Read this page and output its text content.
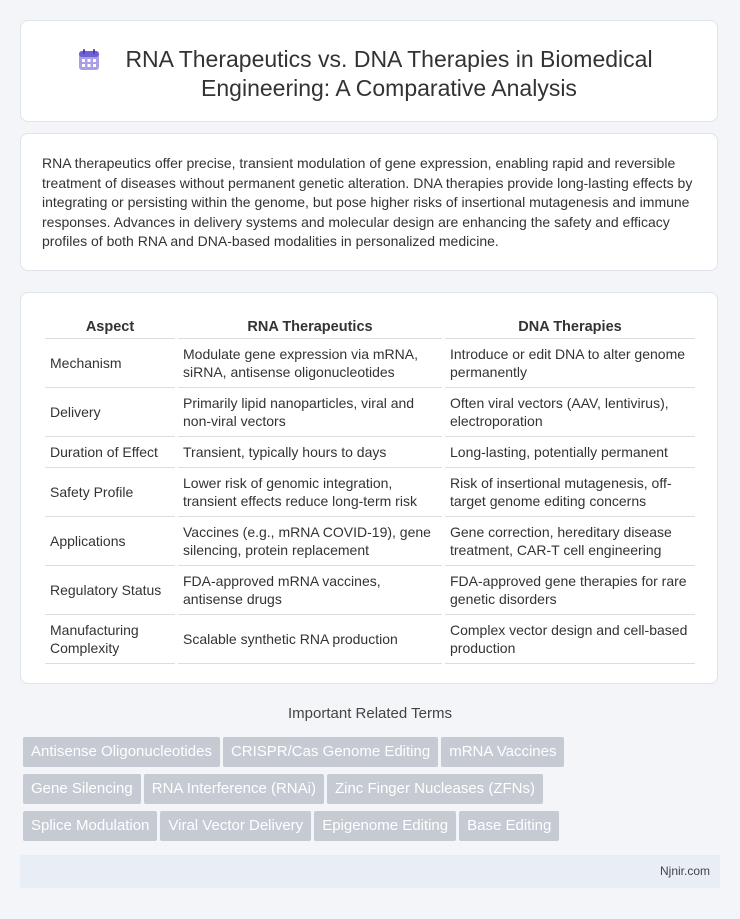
RNA Therapeutics vs. DNA Therapies in Biomedical Engineering: A Comparative Analysis
RNA therapeutics offer precise, transient modulation of gene expression, enabling rapid and reversible treatment of diseases without permanent genetic alteration. DNA therapies provide long-lasting effects by integrating or persisting within the genome, but pose higher risks of insertional mutagenesis and immune responses. Advances in delivery systems and molecular design are enhancing the safety and efficacy profiles of both RNA and DNA-based modalities in personalized medicine.
Aspect	RNA Therapeutics	DNA Therapies
Mechanism	Modulate gene expression via mRNA, siRNA, antisense oligonucleotides	Introduce or edit DNA to alter genome permanently
Delivery	Primarily lipid nanoparticles, viral and non-viral vectors	Often viral vectors (AAV, lentivirus), electroporation
Duration of Effect	Transient, typically hours to days	Long-lasting, potentially permanent
Safety Profile	Lower risk of genomic integration, transient effects reduce long-term risk	Risk of insertional mutagenesis, off-target genome editing concerns
Applications	Vaccines (e.g., mRNA COVID-19), gene silencing, protein replacement	Gene correction, hereditary disease treatment, CAR-T cell engineering
Regulatory Status	FDA-approved mRNA vaccines, antisense drugs	FDA-approved gene therapies for rare genetic disorders
Manufacturing Complexity	Scalable synthetic RNA production	Complex vector design and cell-based production
Important Related Terms
Antisense Oligonucleotides CRISPR/Cas Genome Editing mRNA Vaccines
Gene Silencing RNA Interference (RNAi) Zinc Finger Nucleases (ZFNs)
Splice Modulation Viral Vector Delivery Epigenome Editing Base Editing
Njnir.com
